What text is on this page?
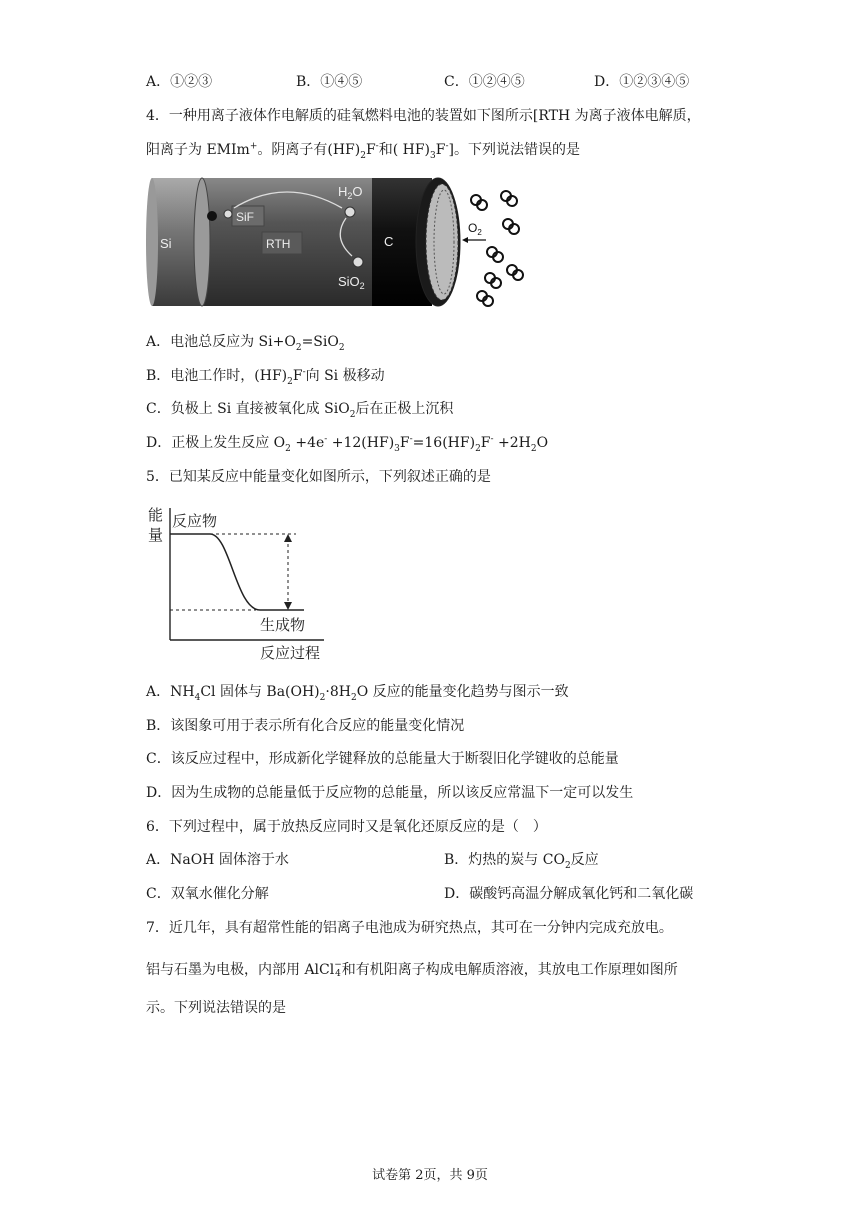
A．①②③	B．①④⑤	C．①②④⑤	D．①②③④⑤
4．一种用离子液体作电解质的硅氧燃料电池的装置如下图所示[RTH 为离子液体电解质，
阳离子为 EMIm+。阴离子有$(HF)_2F^-$和( $HF)_3F^-$]。下列说法错误的是
SiF
RTH
Si	C
$H_2O$
SiO$_2$
$O_2$
A．电池总反应为 $Si+O_2=SiO_2$
B．电池工作时，$(HF)_2F^-$向 Si 极移动
C．负极上 Si 直接被氧化成 SiO$_2$后在正极上沉积
D．正极上发生反应 $O_2 +4e^- +12(HF)_3F^-=16(HF)_2F^- +2H_2O$
5．已知某反应中能量变化如图所示，下列叙述正确的是
能
量
反应物
生成物
反应过程
A．$NH_4Cl$ 固体与 $Ba(OH)_2\cdot 8H_2O$ 反应的能量变化趋势与图示一致
B．该图象可用于表示所有化合反应的能量变化情况
C．该反应过程中，形成新化学键释放的总能量大于断裂旧化学键收的总能量
D．因为生成物的总能量低于反应物的总能量，所以该反应常温下一定可以发生
6．下列过程中，属于放热反应同时又是氧化还原反应的是（　）
A．NaOH 固体溶于水	B．灼热的炭与 $CO_2$反应
C．双氧水催化分解	D．碳酸钙高温分解成氧化钙和二氧化碳
7．近几年，具有超常性能的铝离子电池成为研究热点，其可在一分钟内完成充放电。
铝与石墨为电极，内部用 AlCl −
4 和有机阳离子构成电解质溶液，其放电工作原理如图所
示。下列说法错误的是
试卷第 2页，共 9页
